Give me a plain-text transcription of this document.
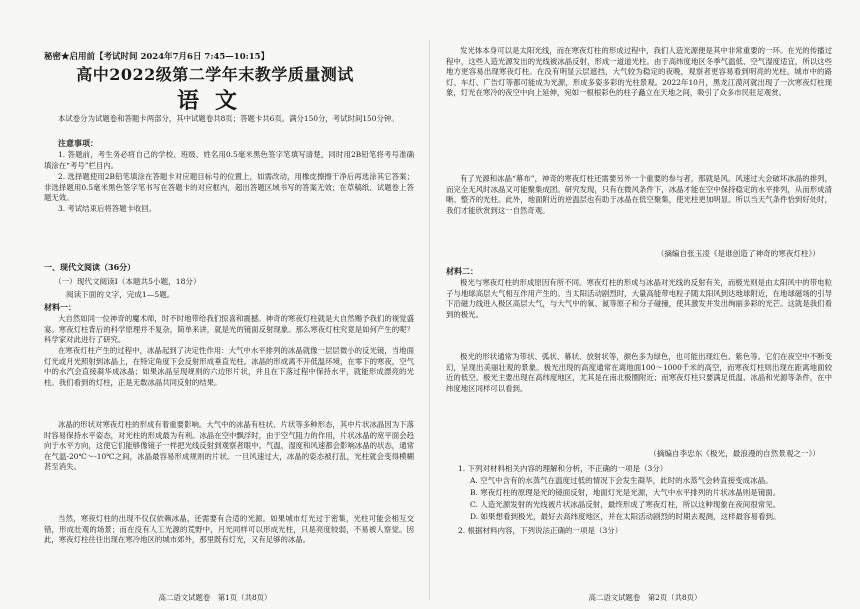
秘密★启用前【考试时间 2024年7月6日 7:45—10:15】
高中2022级第二学年末教学质量测试
语文
本试卷分为试题卷和答题卡两部分，其中试题卷共8页；答题卡共6页。满分150分，考试时间150分钟。
注意事项：
1. 答题前，考生务必将自己的学校、班级、姓名用0.5毫米黑色签字笔填写清楚，同时用2B铅笔将考号准确填涂在“考号”栏目内。
2. 选择题使用2B铅笔填涂在答题卡对应题目标号的位置上，如需改动，用橡皮擦擦干净后再选涂其它答案；非选择题用0.5毫米黑色签字笔书写在答题卡的对应框内，超出答题区域书写的答案无效；在草稿纸、试题卷上答题无效。
3. 考试结束后将答题卡收回。
一、现代文阅读（36分）
（一）现代文阅读Ⅰ（本题共5小题，18分）
阅读下面的文字，完成1—5题。
材料一：
大自然如同一位神奇的魔术师，时不时地带给我们惊喜和震撼。神奇的寒夜灯柱就是大自然赐予我们的视觉盛宴。寒夜灯柱背后的科学原理并不复杂，简单来讲，就是光的镜面反射现象。那么寒夜灯柱究竟是如何产生的呢？科学家对此进行了研究。
在寒夜灯柱产生的过程中，冰晶起到了决定性作用：大气中水平排列的冰晶就像一层层微小的反光镜，当地面灯光或月光照射到冰晶上，在特定角度下会反射形成垂直光柱。冰晶的形成离不开低温环境，在零下的寒夜，空气中的水汽会直接凝华成冰晶；如果冰晶呈现规则的六边形片状，并且在下落过程中保持水平，就能形成漂亮的光柱。我们看到的灯柱，正是无数冰晶共同反射的结果。
冰晶的形状对寒夜灯柱的形成有着重要影响。大气中的冰晶有柱状、片状等多种形态，其中片状冰晶因为下落时容易保持水平姿态，对光柱的形成最为有利。冰晶在空中飘浮时，由于空气阻力的作用，片状冰晶的宽平面会趋向于水平方向，这使它们能够像镜子一样把光线反射到观察者眼中。气温、湿度和风速都会影响冰晶的状态，通常在气温-20℃～-10℃之间，冰晶最容易形成规则的片状。一旦风速过大，冰晶的姿态被打乱，光柱就会变得模糊甚至消失。
当然，寒夜灯柱的出现不仅仅依赖冰晶，还需要有合适的光源。如果城市灯光过于密集，光柱可能会相互交错，形成壮观的场景；而在没有人工光源的荒野中，月光同样可以形成光柱，只是亮度较弱，不易被人察觉。因此，寒夜灯柱往往出现在寒冷地区的城市郊外，那里既有灯光，又有足够的冰晶。
高二语文试题卷　第1页（共8页）
发光体本身可以是太阳光线，而在寒夜灯柱的形成过程中，我们人造光源便是其中非常重要的一环。在光的传播过程中，这些人造光源发出的光线被冰晶反射，形成一道道光柱。由于高纬度地区冬季气温低、空气湿度适宜，所以这些地方更容易出现寒夜灯柱。在没有明显云层遮挡，大气较为稳定的夜晚，观察者更容易看到明亮的光柱。城市中的路灯、车灯、广告灯等都可能成为光源，形成多姿多彩的光柱景观。2022年10月，黑龙江漠河就出现了一次寒夜灯柱现象，灯光在寒冷的夜空中向上延伸，宛如一根根彩色的柱子矗立在天地之间，吸引了众多市民驻足观赏。
有了光源和冰晶“幕布”，神奇的寒夜灯柱还需要另外一个重要的参与者，那就是风。风速过大会破坏冰晶的排列，而完全无风时冰晶又可能聚集成团。研究发现，只有在微风条件下，冰晶才能在空中保持稳定的水平排列，从而形成清晰、整齐的光柱。此外，地面附近的逆温层也有助于冰晶在低空聚集，使光柱更加明显。所以当天气条件恰到好处时，我们才能欣赏到这一自然奇观。
（摘编自张玉凌《是谁创造了神奇的寒夜灯柱》）
材料二：
极光与寒夜灯柱的形成原因有所不同。寒夜灯柱的形成与冰晶对光线的反射有关，而极光则是由太阳风中的带电粒子与地球高层大气相互作用产生的。当太阳活动剧烈时，大量高能带电粒子随太阳风到达地球附近，在地球磁场的引导下沿磁力线进入极区高层大气，与大气中的氧、氮等原子和分子碰撞，使其激发并发出绚丽多彩的光芒。这就是我们看到的极光。
极光的形状通常为带状、弧状、幕状、放射状等，颜色多为绿色，也可能出现红色、紫色等。它们在夜空中不断变幻，呈现出美丽壮观的景象。极光出现的高度通常在离地面100～1000千米的高空，而寒夜灯柱则出现在距离地面较近的低空。极光主要出现在高纬度地区，尤其是在南北极圈附近；而寒夜灯柱只要满足低温、冰晶和光源等条件，在中纬度地区同样可以看到。
（摘编自李忠东《极光，最浪漫的自然景观之一》）
1. 下列对材料相关内容的理解和分析，不正确的一项是（3分）
A. 空气中含有的水蒸气在温度过低的情况下会发生凝华，此时的水蒸气会转直接变成冰晶。
B. 寒夜灯柱的原理是光的镜面反射，地面灯光是光源，大气中水平排列的片状冰晶则是镜面。
C. 人造光源发射的光线被片状冰晶反射，最终形成了寒夜灯柱，所以这种现象在夜间很常见。
D. 如果想看到极光，最好去高纬度地区，并在太阳活动剧烈的时期去观测，这样最容易看到。
2. 根据材料内容，下列说法正确的一项是（3分）
高二语文试题卷　第2页（共8页）
